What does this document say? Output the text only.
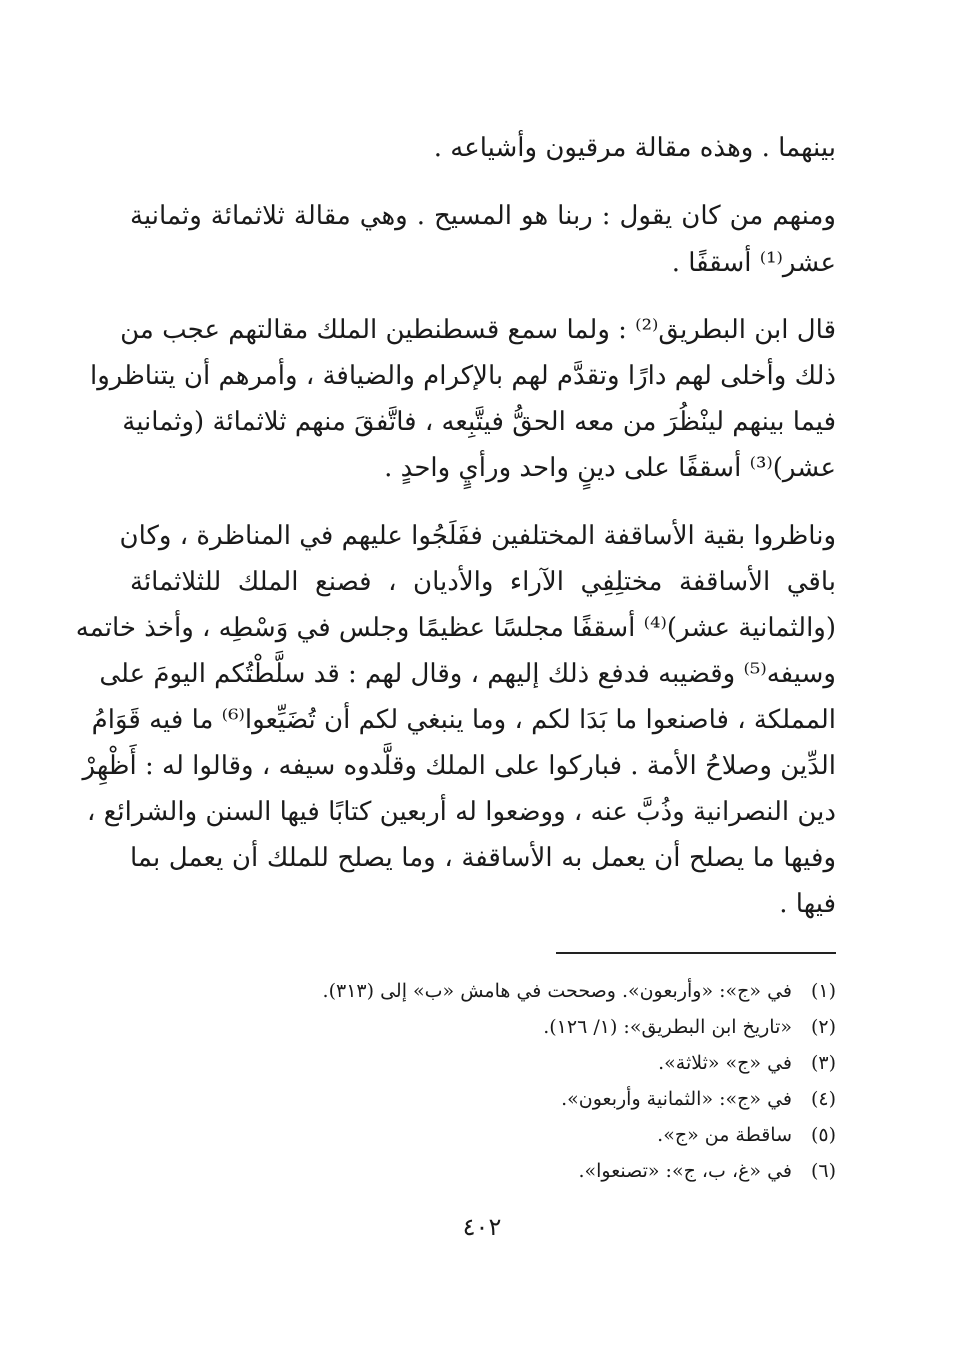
بينهما . وهذه مقالة مرقيون وأشياعه .
ومنهم من كان يقول : ربنا هو المسيح . وهي مقالة ثلاثمائة وثمانية
عشر⁽¹⁾ أسقفًا .
قال ابن البطريق⁽²⁾ : ولما سمع قسطنطين الملك مقالتهم عجب من
ذلك وأخلى لهم دارًا وتقدَّم لهم بالإكرام والضيافة ، وأمرهم أن يتناظروا
فيما بينهم لينْظُرَ من معه الحقُّ فيتَّبِعه ، فاتَّفقَ منهم ثلاثمائة (وثمانية
عشر)⁽³⁾ أسقفًا على دينٍ واحد ورأيٍ واحدٍ .
وناظروا بقية الأساقفة المختلفين ففَلَجُوا عليهم في المناظرة ، وكان
باقي الأساقفة مختلِفِي الآراء والأديان ، فصنع الملك للثلاثمائة
(والثمانية عشر)⁽⁴⁾ أسقفًا مجلسًا عظيمًا وجلس في وَسْطِه ، وأخذ خاتمه
وسيفه⁽⁵⁾ وقضيبه فدفع ذلك إليهم ، وقال لهم : قد سلَّطْتُكم اليومَ على
المملكة ، فاصنعوا ما بَدَا لكم ، وما ينبغي لكم أن تُضَيِّعوا⁽⁶⁾ ما فيه قَوَامُ
الدِّين وصلاحُ الأمة . فباركوا على الملك وقلَّدوه سيفه ، وقالوا له : أَظْهِرْ
دين النصرانية وذُبَّ عنه ، ووضعوا له أربعين كتابًا فيها السنن والشرائع ،
وفيها ما يصلح أن يعمل به الأساقفة ، وما يصلح للملك أن يعمل بما
فيها .
(١)في «ج»: «وأربعون». وصححت في هامش «ب» إلى (٣١٣).
(٢)«تاريخ ابن البطريق»: (١/ ١٢٦).
(٣)في «ج» «ثلاثة».
(٤)في «ج»: «الثمانية وأربعون».
(٥)ساقطة من «ج».
(٦)في «غ، ب، ج»: «تصنعوا».
٤٠٢
